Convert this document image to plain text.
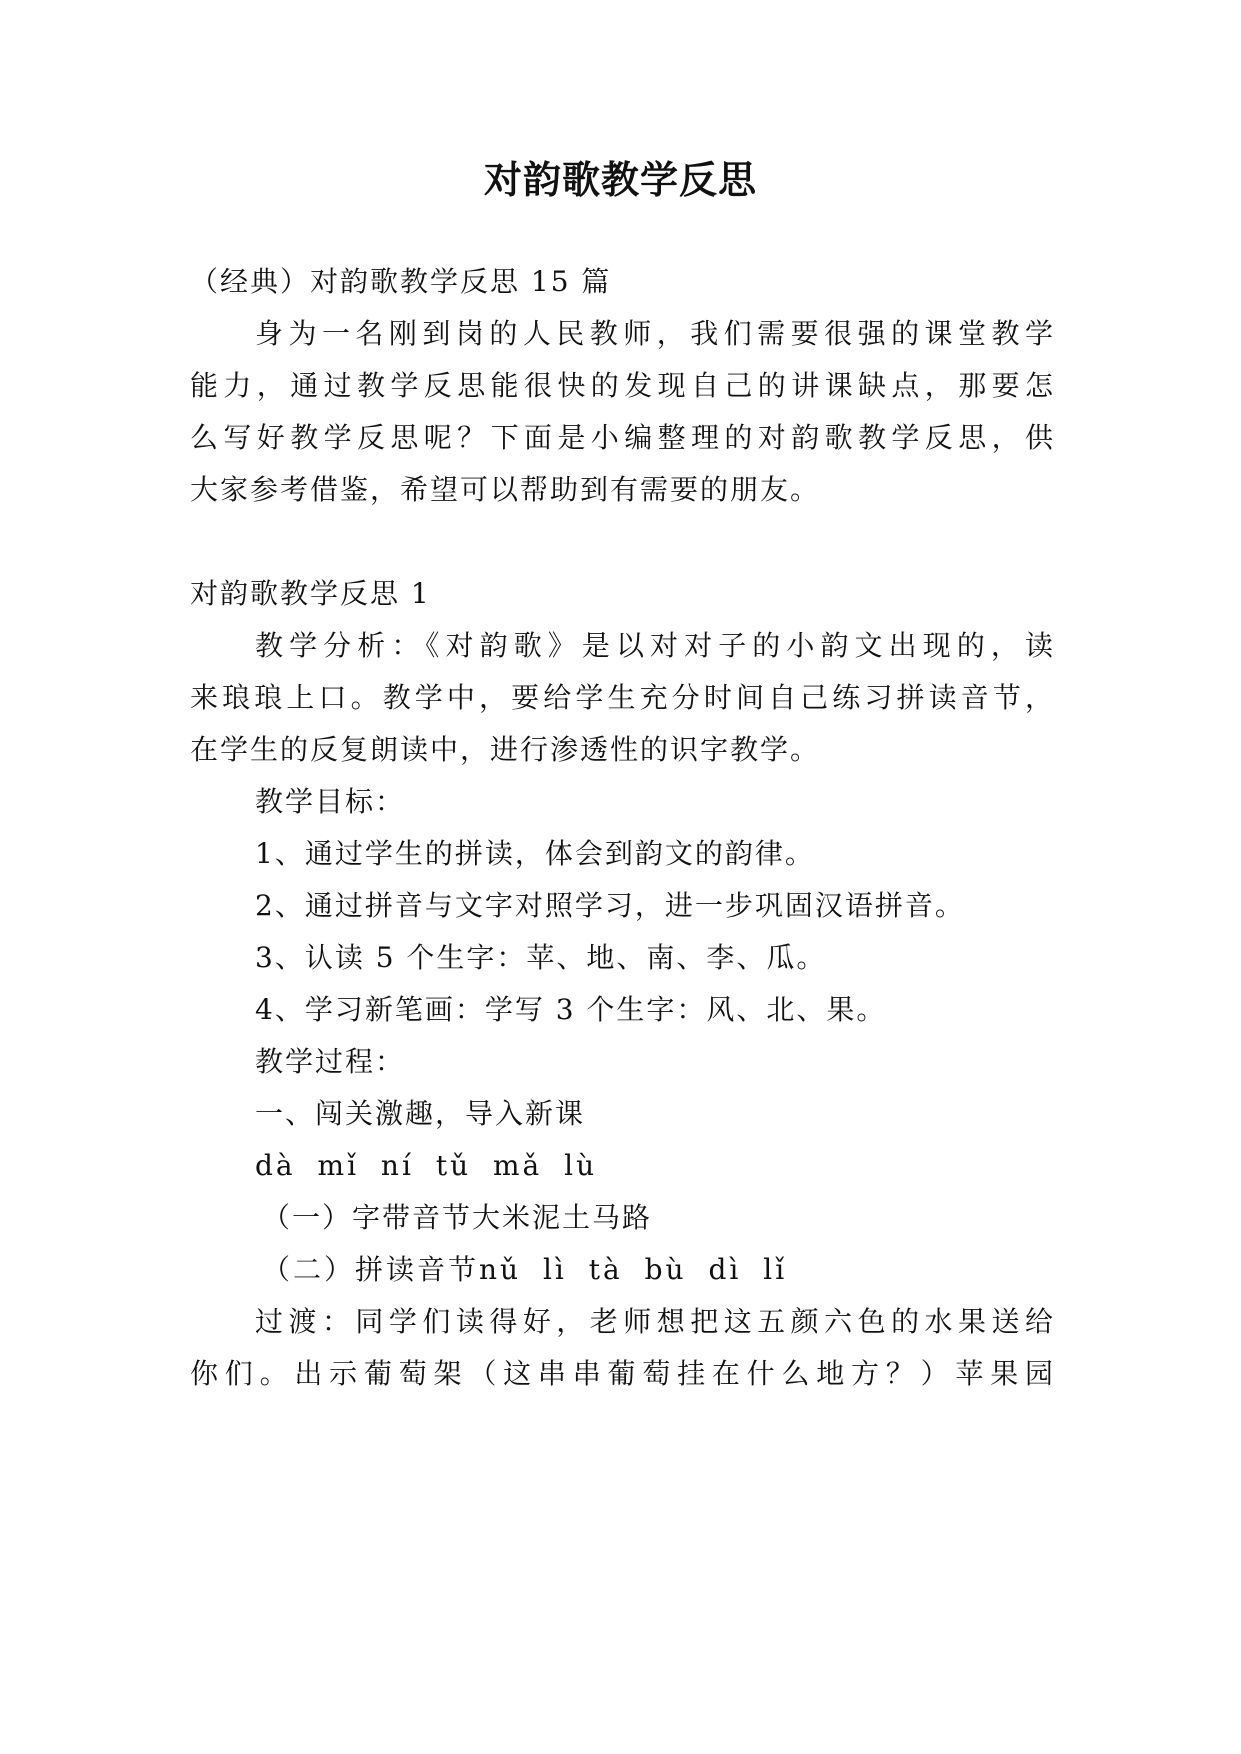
对韵歌教学反思

（经典）对韵歌教学反思 15 篇

身为一名刚到岗的人民教师，我们需要很强的课堂教学

能力，通过教学反思能很快的发现自己的讲课缺点，那要怎

么写好教学反思呢？下面是小编整理的对韵歌教学反思，供

大家参考借鉴，希望可以帮助到有需要的朋友。

对韵歌教学反思 1

教学分析：《对韵歌》是以对对子的小韵文出现的，读

来琅琅上口。教学中，要给学生充分时间自己练习拼读音节，

在学生的反复朗读中，进行渗透性的识字教学。

教学目标：

1、通过学生的拼读，体会到韵文的韵律。

2、通过拼音与文字对照学习，进一步巩固汉语拼音。

3、认读 5 个生字：苹、地、南、李、瓜。

4、学习新笔画：学写 3 个生字：风、北、果。

教学过程：

一、闯关激趣，导入新课

dà mǐ ní tǔ mǎ lù

（一）字带音节大米泥土马路

（二）拼读音节nǔ lì tà bù dì lǐ

过渡：同学们读得好，老师想把这五颜六色的水果送给

你们。出示葡萄架（这串串葡萄挂在什么地方？）苹果园
